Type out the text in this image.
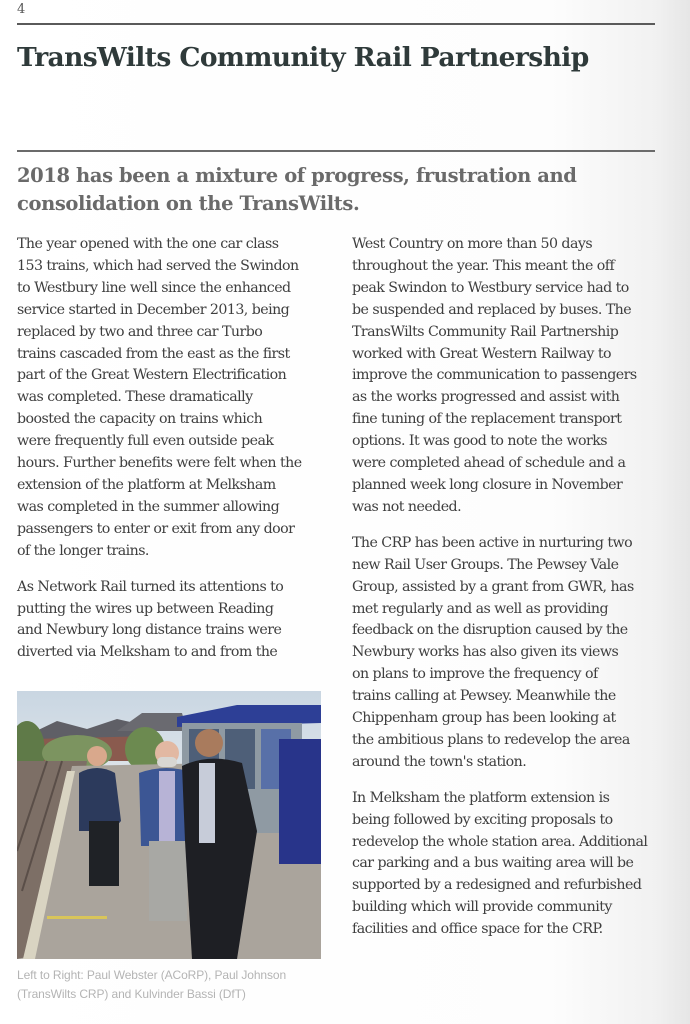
4
TransWilts Community Rail Partnership
2018 has been a mixture of progress, frustration and
consolidation on the TransWilts.

The year opened with the one car class
153 trains, which had served the Swindon
to Westbury line well since the enhanced
service started in December 2013, being
replaced by two and three car Turbo
trains cascaded from the east as the first
part of the Great Western Electrification
was completed. These dramatically
boosted the capacity on trains which
were frequently full even outside peak
hours. Further benefits were felt when the
extension of the platform at Melksham
was completed in the summer allowing
passengers to enter or exit from any door
of the longer trains.

As Network Rail turned its attentions to
putting the wires up between Reading
and Newbury long distance trains were
diverted via Melksham to and from the

West Country on more than 50 days
throughout the year. This meant the off
peak Swindon to Westbury service had to
be suspended and replaced by buses. The
TransWilts Community Rail Partnership
worked with Great Western Railway to
improve the communication to passengers
as the works progressed and assist with
fine tuning of the replacement transport
options. It was good to note the works
were completed ahead of schedule and a
planned week long closure in November
was not needed.

The CRP has been active in nurturing two
new Rail User Groups. The Pewsey Vale
Group, assisted by a grant from GWR, has
met regularly and as well as providing
feedback on the disruption caused by the
Newbury works has also given its views
on plans to improve the frequency of
trains calling at Pewsey. Meanwhile the
Chippenham group has been looking at
the ambitious plans to redevelop the area
around the town's station.

In Melksham the platform extension is
being followed by exciting proposals to
redevelop the whole station area. Additional
car parking and a bus waiting area will be
supported by a redesigned and refurbished
building which will provide community
facilities and office space for the CRP.

Left to Right: Paul Webster (ACoRP), Paul Johnson
(TransWilts CRP) and Kulvinder Bassi (DfT)
